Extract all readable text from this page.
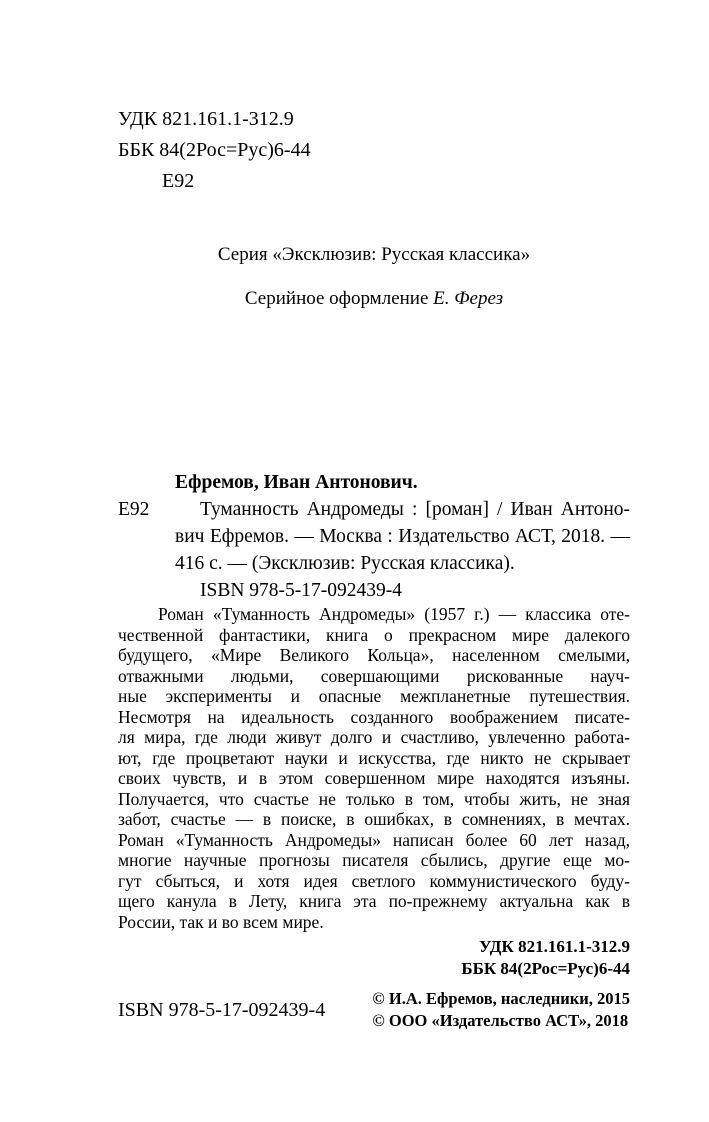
УДК 821.161.1-312.9
ББК 84(2Рос=Рус)6-44
Е92
Серия «Эксклюзив: Русская классика»
Серийное оформление Е. Ферез
Ефремов, Иван Антонович.
Е92	Туманность Андромеды : [роман] / Иван Антоно-
вич Ефремов. — Москва : Издательство АСТ, 2018. —
416 с. — (Эксклюзив: Русская классика).
ISBN 978-5-17-092439-4
Роман «Туманность Андромеды» (1957 г.) — классика оте-
чественной фантастики, книга о прекрасном мире далекого
будущего, «Мире Великого Кольца», населенном смелыми,
отважными людьми, совершающими рискованные науч-
ные эксперименты и опасные межпланетные путешествия.
Несмотря на идеальность созданного воображением писате-
ля мира, где люди живут долго и счастливо, увлеченно работа-
ют, где процветают науки и искусства, где никто не скрывает
своих чувств, и в этом совершенном мире находятся изъяны.
Получается, что счастье не только в том, чтобы жить, не зная
забот, счастье — в поиске, в ошибках, в сомнениях, в мечтах.
Роман «Туманность Андромеды» написан более 60 лет назад,
многие научные прогнозы писателя сбылись, другие еще мо-
гут сбыться, и хотя идея светлого коммунистического буду-
щего канула в Лету, книга эта по-прежнему актуальна как в
России, так и во всем мире.
УДК 821.161.1-312.9
ББК 84(2Рос=Рус)6-44
ISBN 978-5-17-092439-4	© И.А. Ефремов, наследники, 2015
© ООО «Издательство АСТ», 2018
